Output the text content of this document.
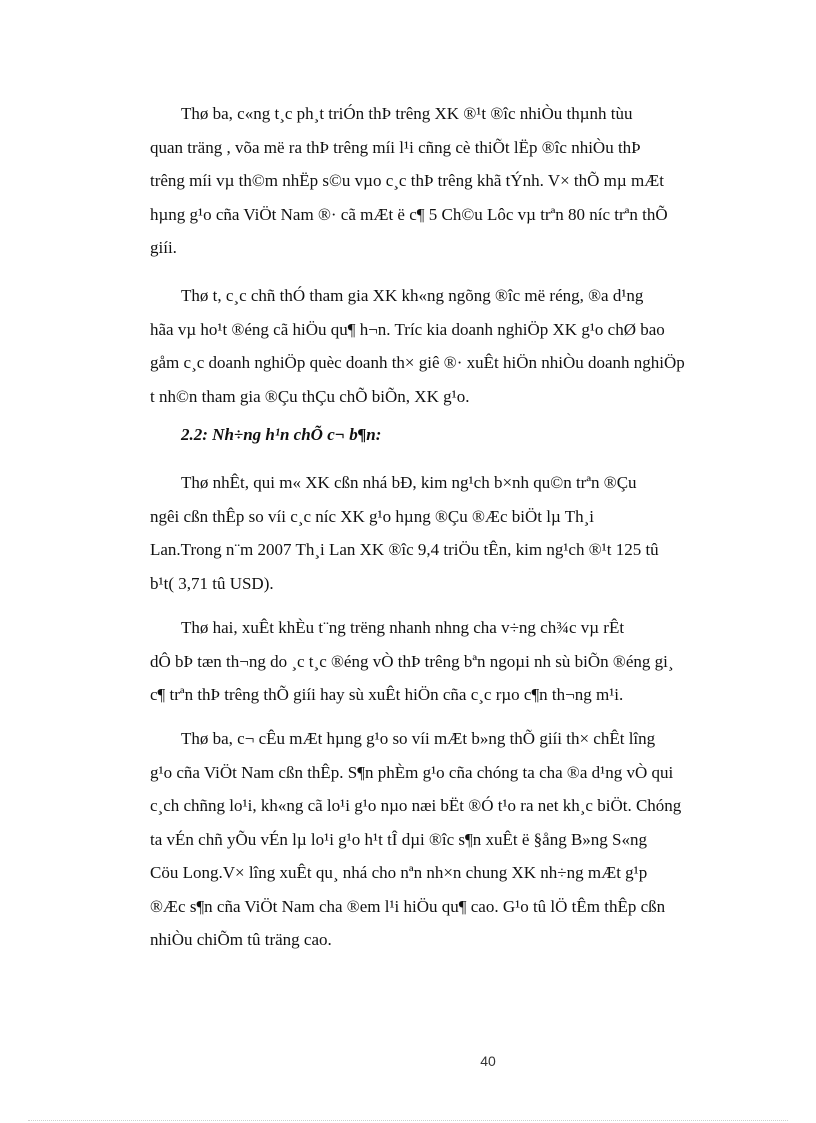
Thø ba, c«ng t¸c ph¸t triÓn thÞ trêng XK ®¹t ®îc nhiÒu thµnh tùu
quan träng , võa më ra thÞ trêng míi l¹i cñng cè thiÕt lËp ®îc nhiÒu thÞ
trêng míi vµ th©m nhËp s©u vµo c¸c thÞ trêng khã tÝnh. V× thÕ mµ mÆt
hµng g¹o cña ViÖt Nam ®· cã mÆt ë c¶ 5 Ch©u Lôc vµ trªn 80 níc trªn thÕ
giíi.
Thø t, c¸c chñ thÓ tham gia XK kh«ng ngõng ®îc më réng, ®a d¹ng
hãa vµ ho¹t ®éng cã hiÖu qu¶ h¬n. Tríc kia doanh nghiÖp XK g¹o chØ bao
gåm c¸c doanh nghiÖp quèc doanh th× giê ®· xuÊt hiÖn nhiÒu doanh nghiÖp
t nh©n tham gia ®Çu thÇu chÕ biÕn, XK g¹o.
2.2: Nh÷ng h¹n chÕ c¬ b¶n:
Thø nhÊt, qui m« XK cßn nhá bÐ, kim ng¹ch b×nh qu©n trªn ®Çu
ngêi cßn thÊp so víi c¸c níc XK g¹o hµng ®Çu ®Æc biÖt lµ Th¸i
Lan.Trong n¨m 2007 Th¸i Lan XK ®îc 9,4 triÖu tÊn, kim ng¹ch ®¹t 125 tû
b¹t( 3,71 tû USD).
Thø hai, xuÊt khÈu t¨ng trëng nhanh nhng cha v÷ng ch¾c vµ rÊt
dÔ bÞ tæn th¬ng do ¸c t¸c ®éng vÒ thÞ trêng bªn ngoµi nh sù biÕn ®éng gi¸
c¶ trªn thÞ trêng thÕ giíi hay sù xuÊt hiÖn cña c¸c rµo c¶n th¬ng m¹i.
Thø ba, c¬ cÊu mÆt hµng g¹o so víi mÆt b»ng thÕ giíi th× chÊt lîng
g¹o cña ViÖt Nam cßn thÊp. S¶n phÈm g¹o cña chóng ta cha ®a d¹ng vÒ qui
c¸ch chñng lo¹i, kh«ng cã lo¹i g¹o nµo næi bËt ®Ó t¹o ra net kh¸c biÖt. Chóng
ta vÉn chñ yÕu vÉn lµ lo¹i g¹o h¹t tÎ dµi ®îc s¶n xuÊt ë §ång B»ng S«ng
Cöu Long.V× lîng xuÊt qu¸ nhá cho nªn nh×n chung XK nh÷ng mÆt g¹p
®Æc s¶n cña ViÖt Nam cha ®em l¹i hiÖu qu¶ cao. G¹o tû lÖ tÊm thÊp cßn
nhiÒu chiÕm tû träng cao.
40
